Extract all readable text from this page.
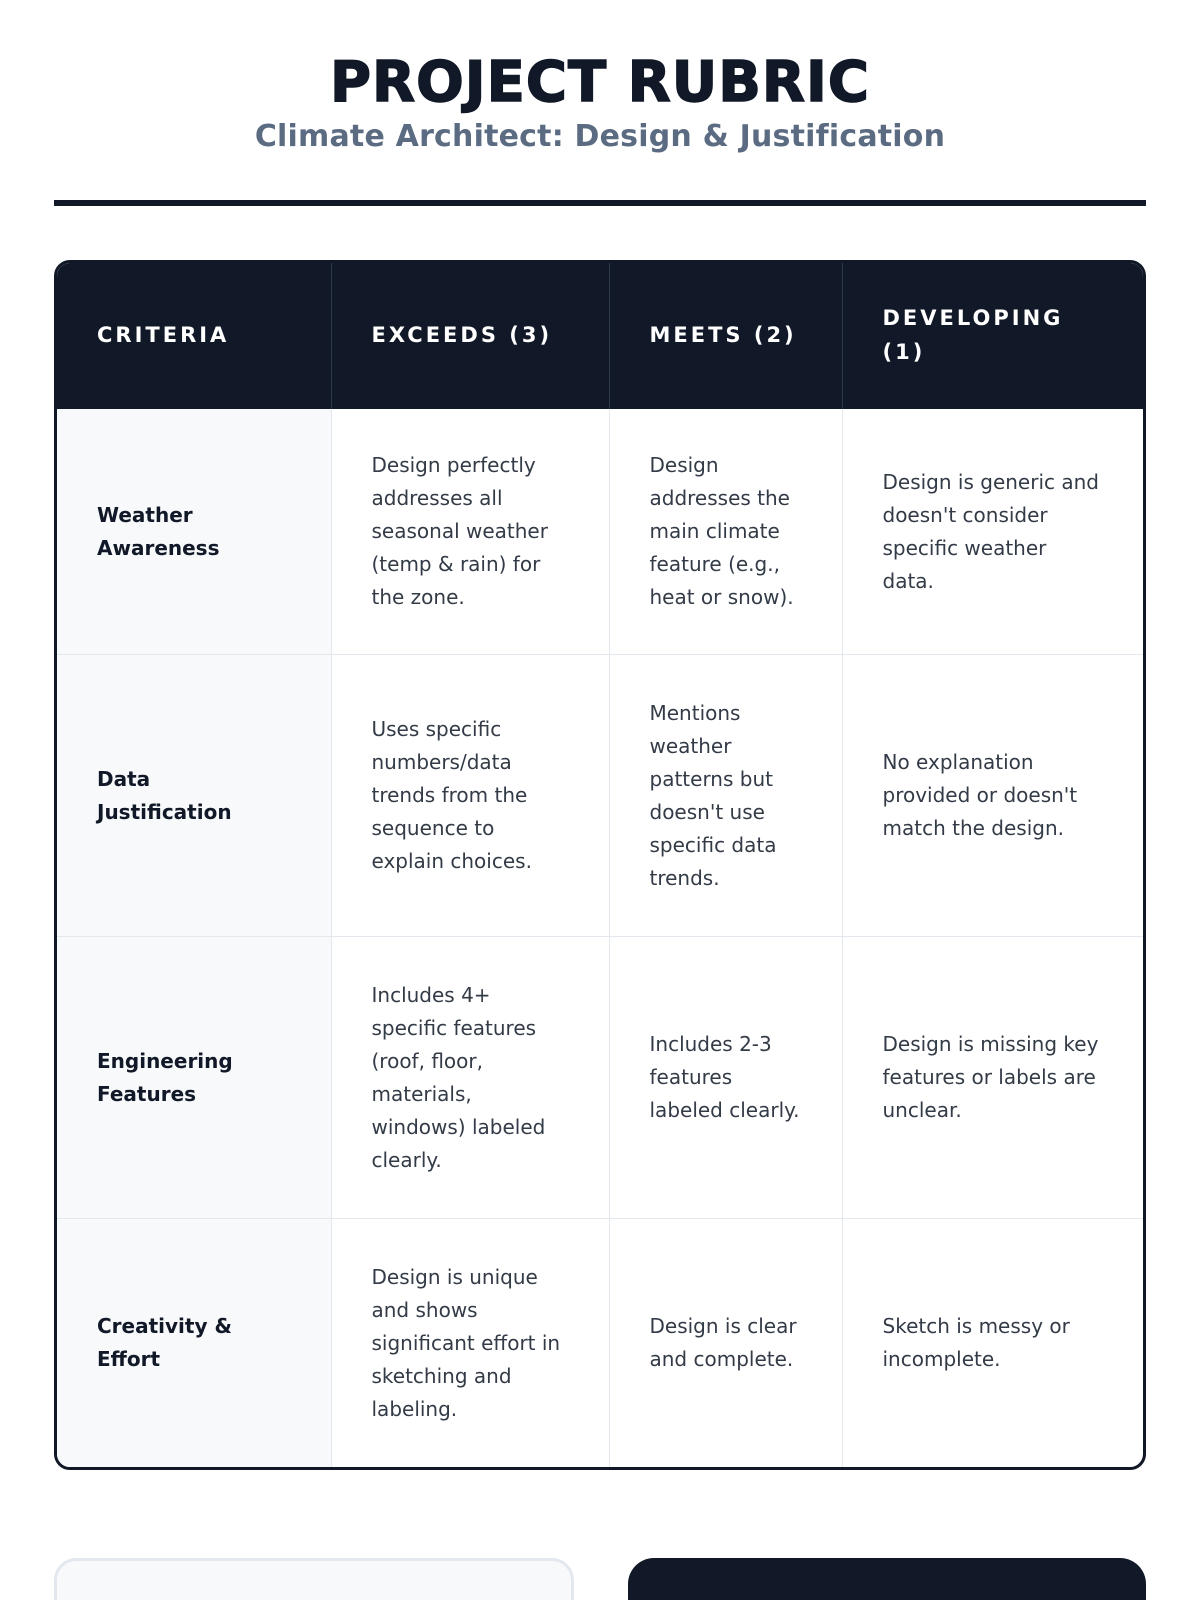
PROJECT RUBRIC
Climate Architect: Design & Justification
CRITERIA	EXCEEDS (3)	MEETS (2)	DEVELOPING (1)
Weather Awareness	Design perfectly addresses all seasonal weather (temp & rain) for the zone.	Design addresses the main climate feature (e.g., heat or snow).	Design is generic and doesn't consider specific weather data.
Data Justification	Uses specific numbers/data trends from the sequence to explain choices.	Mentions weather patterns but doesn't use specific data trends.	No explanation provided or doesn't match the design.
Engineering Features	Includes 4+ specific features (roof, floor, materials, windows) labeled clearly.	Includes 2-3 features labeled clearly.	Design is missing key features or labels are unclear.
Creativity & Effort	Design is unique and shows significant effort in sketching and labeling.	Design is clear and complete.	Sketch is messy or incomplete.
